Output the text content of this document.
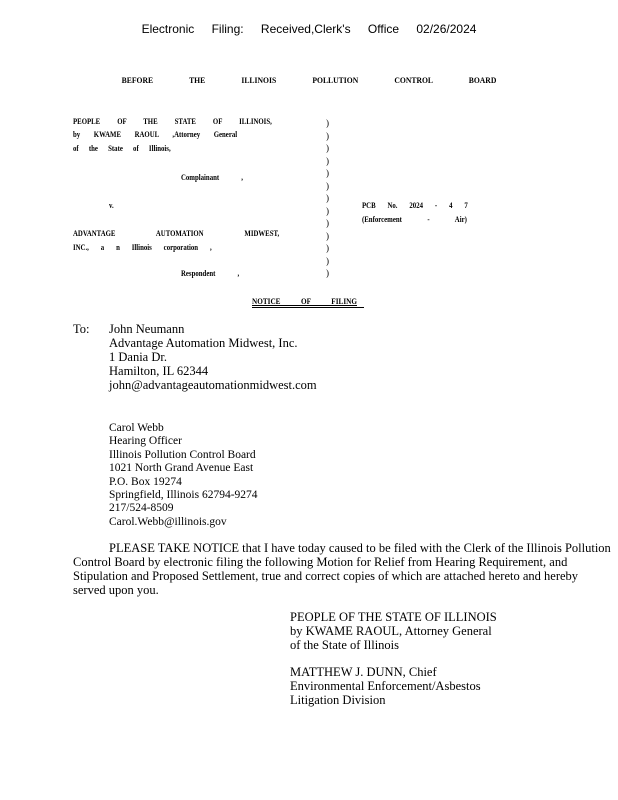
Electronic Filing: Received,Clerk's Office 02/26/2024
BEFORE THE ILLINOIS POLLUTION CONTROL BOARD
PEOPLE OF THE STATE OF ILLINOIS,
by KWAME RAOUL ,Attorney General
of the State of Illinois,
Complainant ,
v.
ADVANTAGE AUTOMATION MIDWEST,
INC., a n Illinois corporation ,
Respondent ,
)
)
)
)
)
)
)
)
)
)
)
)
)
PCB No. 2024 - 4 7
(Enforcement - Air)
NOTICE OF FILING
To: John Neumann
Advantage Automation Midwest, Inc.
1 Dania Dr.
Hamilton, IL 62344
john@advantageautomationmidwest.com
Carol Webb
Hearing Officer
Illinois Pollution Control Board
1021 North Grand Avenue East
P.O. Box 19274
Springfield, Illinois 62794-9274
217/524-8509
Carol.Webb@illinois.gov
PLEASE TAKE NOTICE that I have today caused to be filed with the Clerk of the Illinois Pollution Control Board by electronic filing the following Motion for Relief from Hearing Requirement, and Stipulation and Proposed Settlement, true and correct copies of which are attached hereto and hereby served upon you.
PEOPLE OF THE STATE OF ILLINOIS
by KWAME RAOUL, Attorney General
of the State of Illinois
MATTHEW J. DUNN, Chief
Environmental Enforcement/Asbestos
Litigation Division
